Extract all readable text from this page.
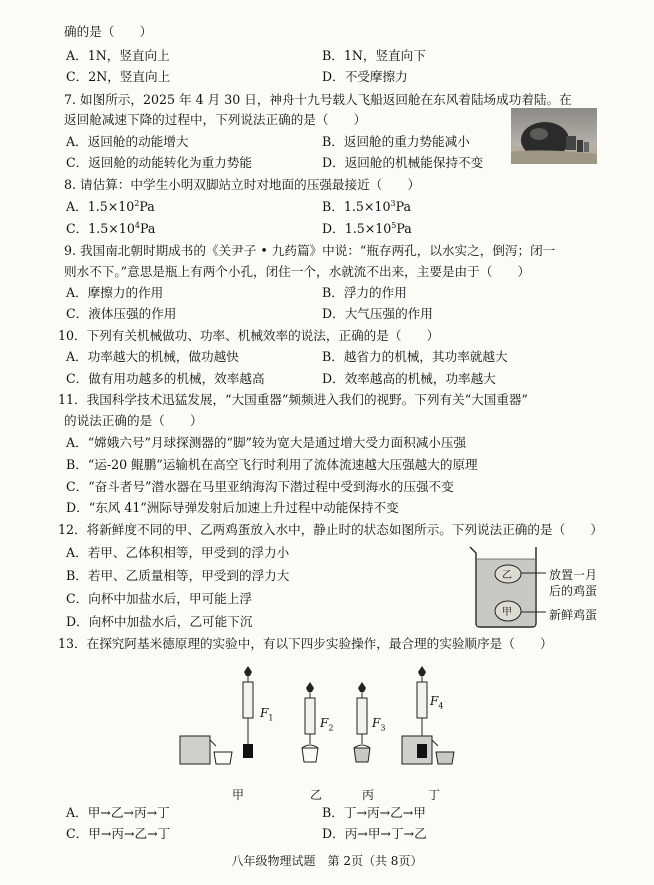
确的是（　　）
A．1N，竖直向上	B．1N，竖直向下
C．2N，竖直向上	D．不受摩擦力
7. 如图所示，2025 年 4 月 30 日，神舟十九号载人飞船返回舱在东风着陆场成功着陆。在
返回舱减速下降的过程中，下列说法正确的是（　　）
A．返回舱的动能增大	B．返回舱的重力势能减小
C．返回舱的动能转化为重力势能	D．返回舱的机械能保持不变
8. 请估算：中学生小明双脚站立时对地面的压强最接近（　　）
A．$1.5\times 10^2Pa$	B．$1.5\times 10^3Pa$
C．$1.5\times 10^4Pa$	D．$1.5\times 10^5Pa$
9. 我国南北朝时期成书的《关尹子 • 九药篇》中说：“瓶存两孔，以水实之，倒泻；闭一
则水不下。”意思是瓶上有两个小孔，闭住一个，水就流不出来，主要是由于（　　）
A．摩擦力的作用	B．浮力的作用
C．液体压强的作用	D．大气压强的作用
10．下列有关机械做功、功率、机械效率的说法，正确的是（　　）
A．功率越大的机械，做功越快	B．越省力的机械，其功率就越大
C．做有用功越多的机械，效率越高	D．效率越高的机械，功率越大
11．我国科学技术迅猛发展，“大国重器”频频进入我们的视野。下列有关“大国重器”
的说法正确的是（　　）
A．“嫦娥六号”月球探测器的“脚”较为宽大是通过增大受力面积减小压强
B．“运-20 鲲鹏”运输机在高空飞行时利用了流体流速越大压强越大的原理
C．“奋斗者号”潜水器在马里亚纳海沟下潜过程中受到海水的压强不变
D．“东风 41”洲际导弹发射后加速上升过程中动能保持不变
12．将新鲜度不同的甲、乙两鸡蛋放入水中，静止时的状态如图所示。下列说法正确的是（　　）
A．若甲、乙体积相等，甲受到的浮力小
B．若甲、乙质量相等，甲受到的浮力大
C．向杯中加盐水后，甲可能上浮
D．向杯中加盐水后，乙可能下沉
乙
甲
放置一月
后的鸡蛋
新鲜鸡蛋
13．在探究阿基米德原理的实验中，有以下四步实验操作，最合理的实验顺序是（　　）
$F_1$	$F_2$	$F_3$
$F_4$
甲	乙	丙	丁
A．甲→乙→丙→丁	B．丁→丙→乙→甲
C．甲→丙→乙→丁	D．丙→甲→丁→乙
八年级物理试题　第 2页（共 8页）
